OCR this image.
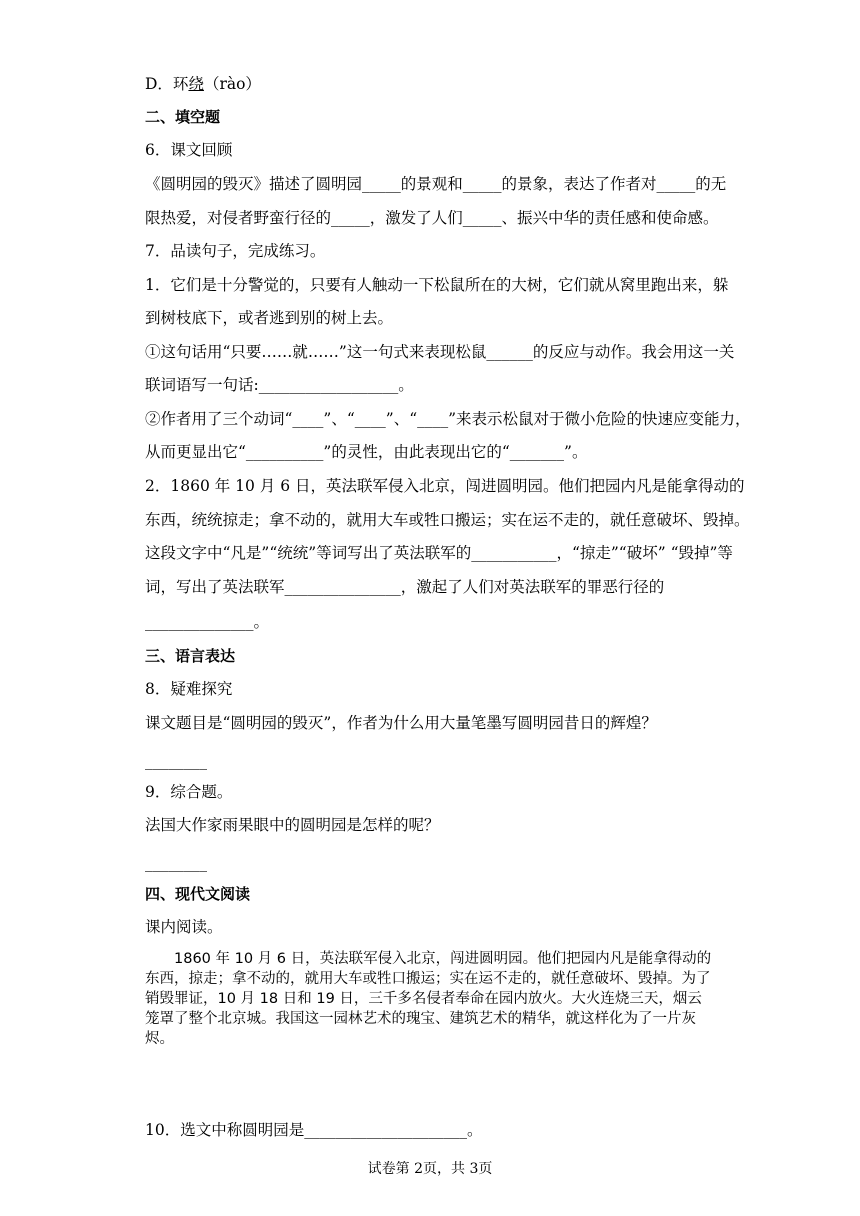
D．环绕（rào）
二、填空题
6．课文回顾
《圆明园的毁灭》描述了圆明园_____的景观和_____的景象，表达了作者对_____的无
限热爱，对侵者野蛮行径的_____，激发了人们_____、振兴中华的责任感和使命感。
7．品读句子，完成练习。
1．它们是十分警觉的，只要有人触动一下松鼠所在的大树，它们就从窝里跑出来，躲
到树枝底下，或者逃到别的树上去。
①这句话用“只要……就……”这一句式来表现松鼠______的反应与动作。我会用这一关
联词语写一句话:__________________。
②作者用了三个动词“____”、“____”、“____”来表示松鼠对于微小危险的快速应变能力，
从而更显出它“__________”的灵性，由此表现出它的“_______”。
2．1860 年 10 月 6 日，英法联军侵入北京，闯进圆明园。他们把园内凡是能拿得动的
东西，统统掠走；拿不动的，就用大车或牲口搬运；实在运不走的，就任意破坏、毁掉。
这段文字中“凡是”“统统”等词写出了英法联军的___________，“掠走”“破坏” “毁掉”等
词，写出了英法联军_______________，激起了人们对英法联军的罪恶行径的
______________。
三、语言表达
8．疑难探究
课文题目是“圆明园的毁灭”，作者为什么用大量笔墨写圆明园昔日的辉煌？
________
9．综合题。
法国大作家雨果眼中的圆明园是怎样的呢？
________
四、现代文阅读
课内阅读。
1860 年 10 月 6 日，英法联军侵入北京，闯进圆明园。他们把园内凡是能拿得动的东西，掠走；拿不动的，就用大车或牲口搬运；实在运不走的，就任意破坏、毁掉。为了销毁罪证，10 月 18 日和 19 日，三千多名侵者奉命在园内放火。大火连烧三天，烟云笼罩了整个北京城。我国这一园林艺术的瑰宝、建筑艺术的精华，就这样化为了一片灰烬。
10．选文中称圆明园是_____________________。
试卷第 2页，共 3页
